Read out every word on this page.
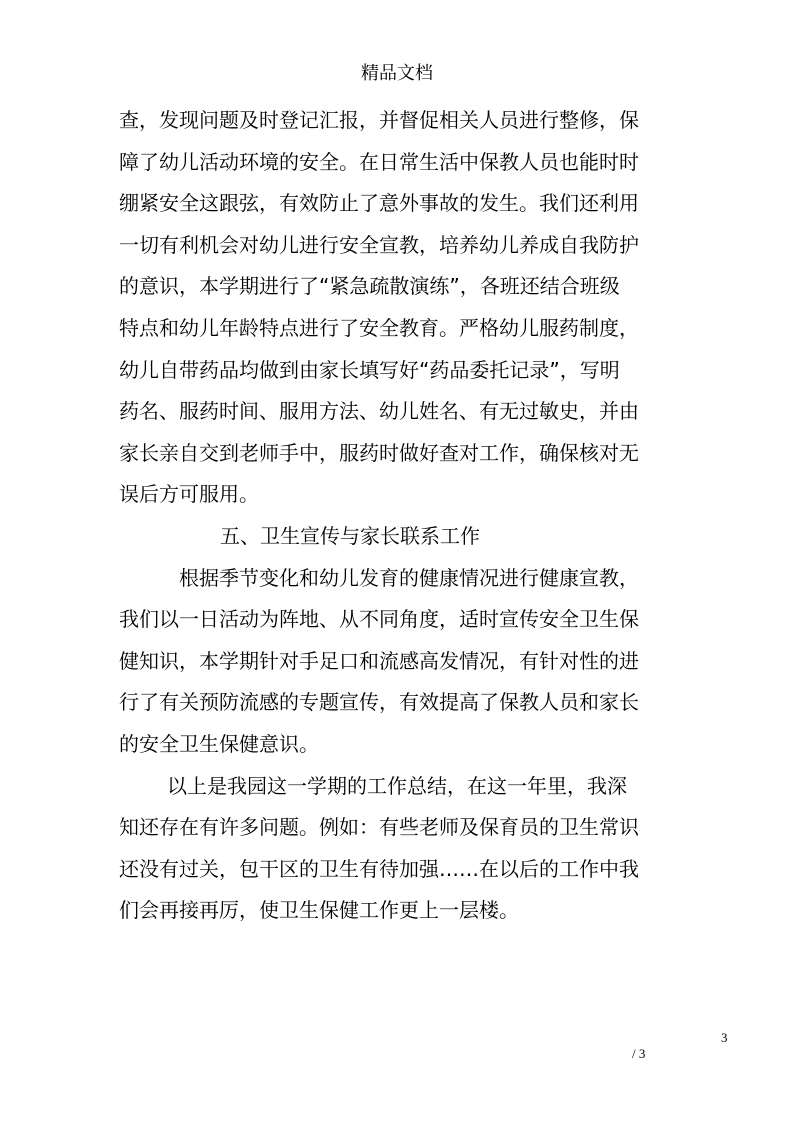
精品文档
查，发现问题及时登记汇报，并督促相关人员进行整修，保
障了幼儿活动环境的安全。在日常生活中保教人员也能时时
绷紧安全这跟弦，有效防止了意外事故的发生。我们还利用
一切有利机会对幼儿进行安全宣教，培养幼儿养成自我防护
的意识，本学期进行了“紧急疏散演练”，各班还结合班级
特点和幼儿年龄特点进行了安全教育。严格幼儿服药制度，
幼儿自带药品均做到由家长填写好“药品委托记录”，写明
药名、服药时间、服用方法、幼儿姓名、有无过敏史，并由
家长亲自交到老师手中，服药时做好查对工作，确保核对无
误后方可服用。
五、卫生宣传与家长联系工作
根据季节变化和幼儿发育的健康情况进行健康宣教，
我们以一日活动为阵地、从不同角度，适时宣传安全卫生保
健知识，本学期针对手足口和流感高发情况，有针对性的进
行了有关预防流感的专题宣传，有效提高了保教人员和家长
的安全卫生保健意识。
以上是我园这一学期的工作总结，在这一年里，我深
知还存在有许多问题。例如：有些老师及保育员的卫生常识
还没有过关，包干区的卫生有待加强……在以后的工作中我
们会再接再厉，使卫生保健工作更上一层楼。
3
/ 3
